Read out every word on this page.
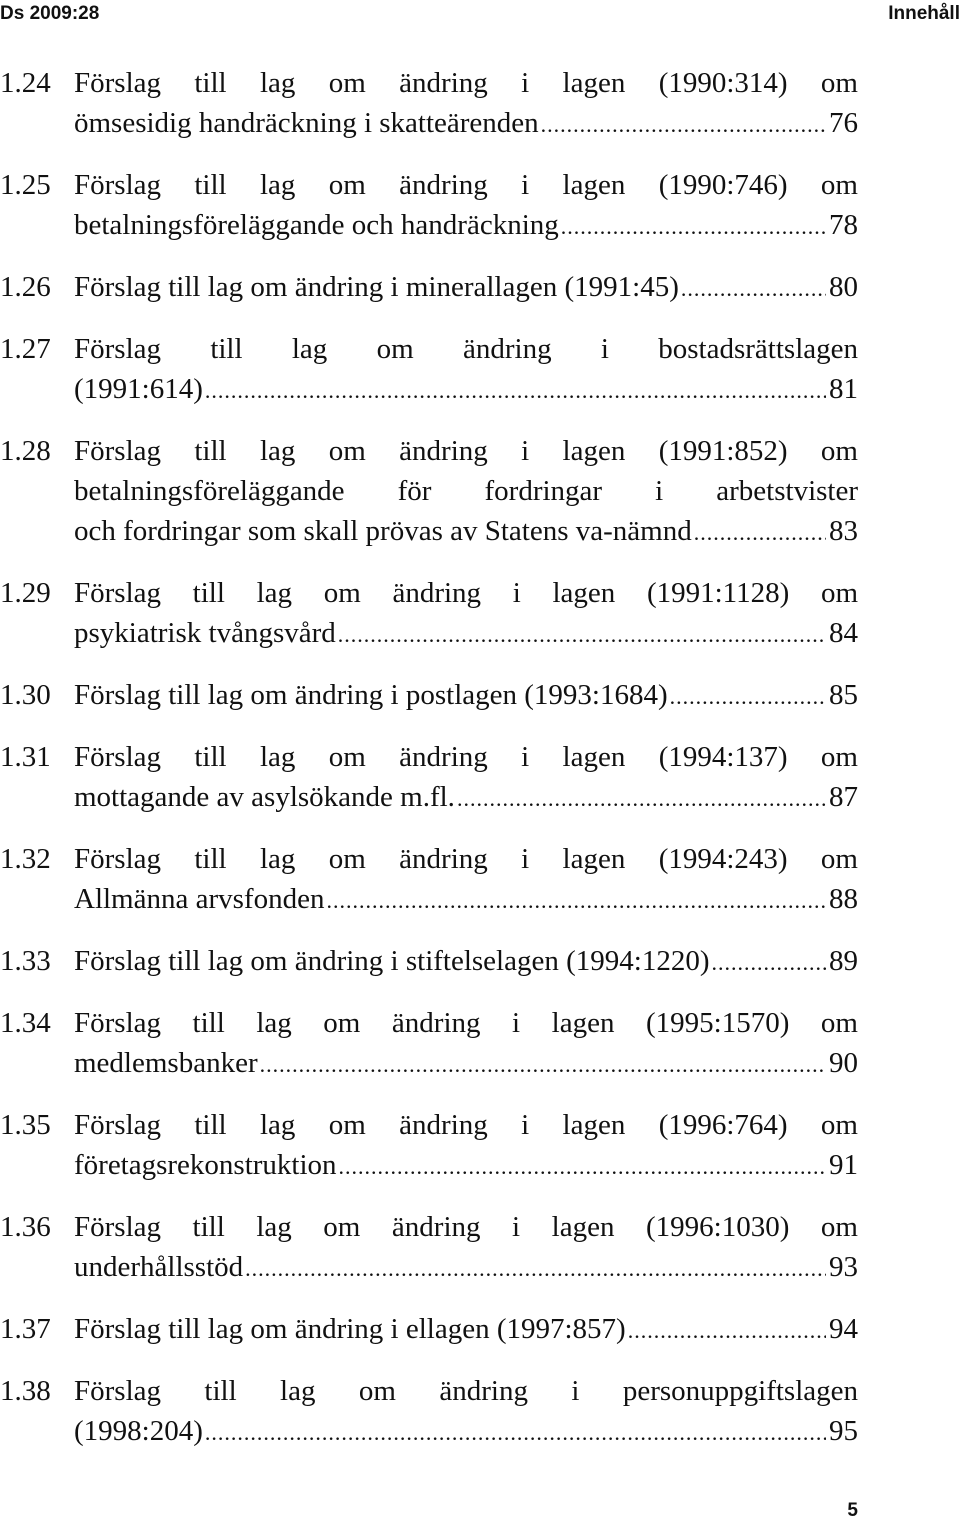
Ds 2009:28	Innehåll
1.24 Förslag till lag om ändring i lagen (1990:314) om
ömsesidig handräckning i skatteärenden .....	76
1.25 Förslag till lag om ändring i lagen (1990:746) om
betalningsföreläggande och handräckning .....	78
1.26 Förslag till lag om ändring i minerallagen (1991:45) .....	80
1.27 Förslag till lag om ändring i bostadsrättslagen
(1991:614) .....	81
1.28 Förslag till lag om ändring i lagen (1991:852) om
betalningsföreläggande för fordringar i arbetstvister
och fordringar som skall prövas av Statens va-nämnd .....	83
1.29 Förslag till lag om ändring i lagen (1991:1128) om
psykiatrisk tvångsvård .....	84
1.30 Förslag till lag om ändring i postlagen (1993:1684) .....	85
1.31 Förslag till lag om ändring i lagen (1994:137) om
mottagande av asylsökande m.fl. .....	87
1.32 Förslag till lag om ändring i lagen (1994:243) om
Allmänna arvsfonden .....	88
1.33 Förslag till lag om ändring i stiftelselagen (1994:1220) .....	89
1.34 Förslag till lag om ändring i lagen (1995:1570) om
medlemsbanker .....	90
1.35 Förslag till lag om ändring i lagen (1996:764) om
företagsrekonstruktion .....	91
1.36 Förslag till lag om ändring i lagen (1996:1030) om
underhållsstöd .....	93
1.37 Förslag till lag om ändring i ellagen (1997:857) .....	94
1.38 Förslag till lag om ändring i personuppgiftslagen
(1998:204) .....	95
5
